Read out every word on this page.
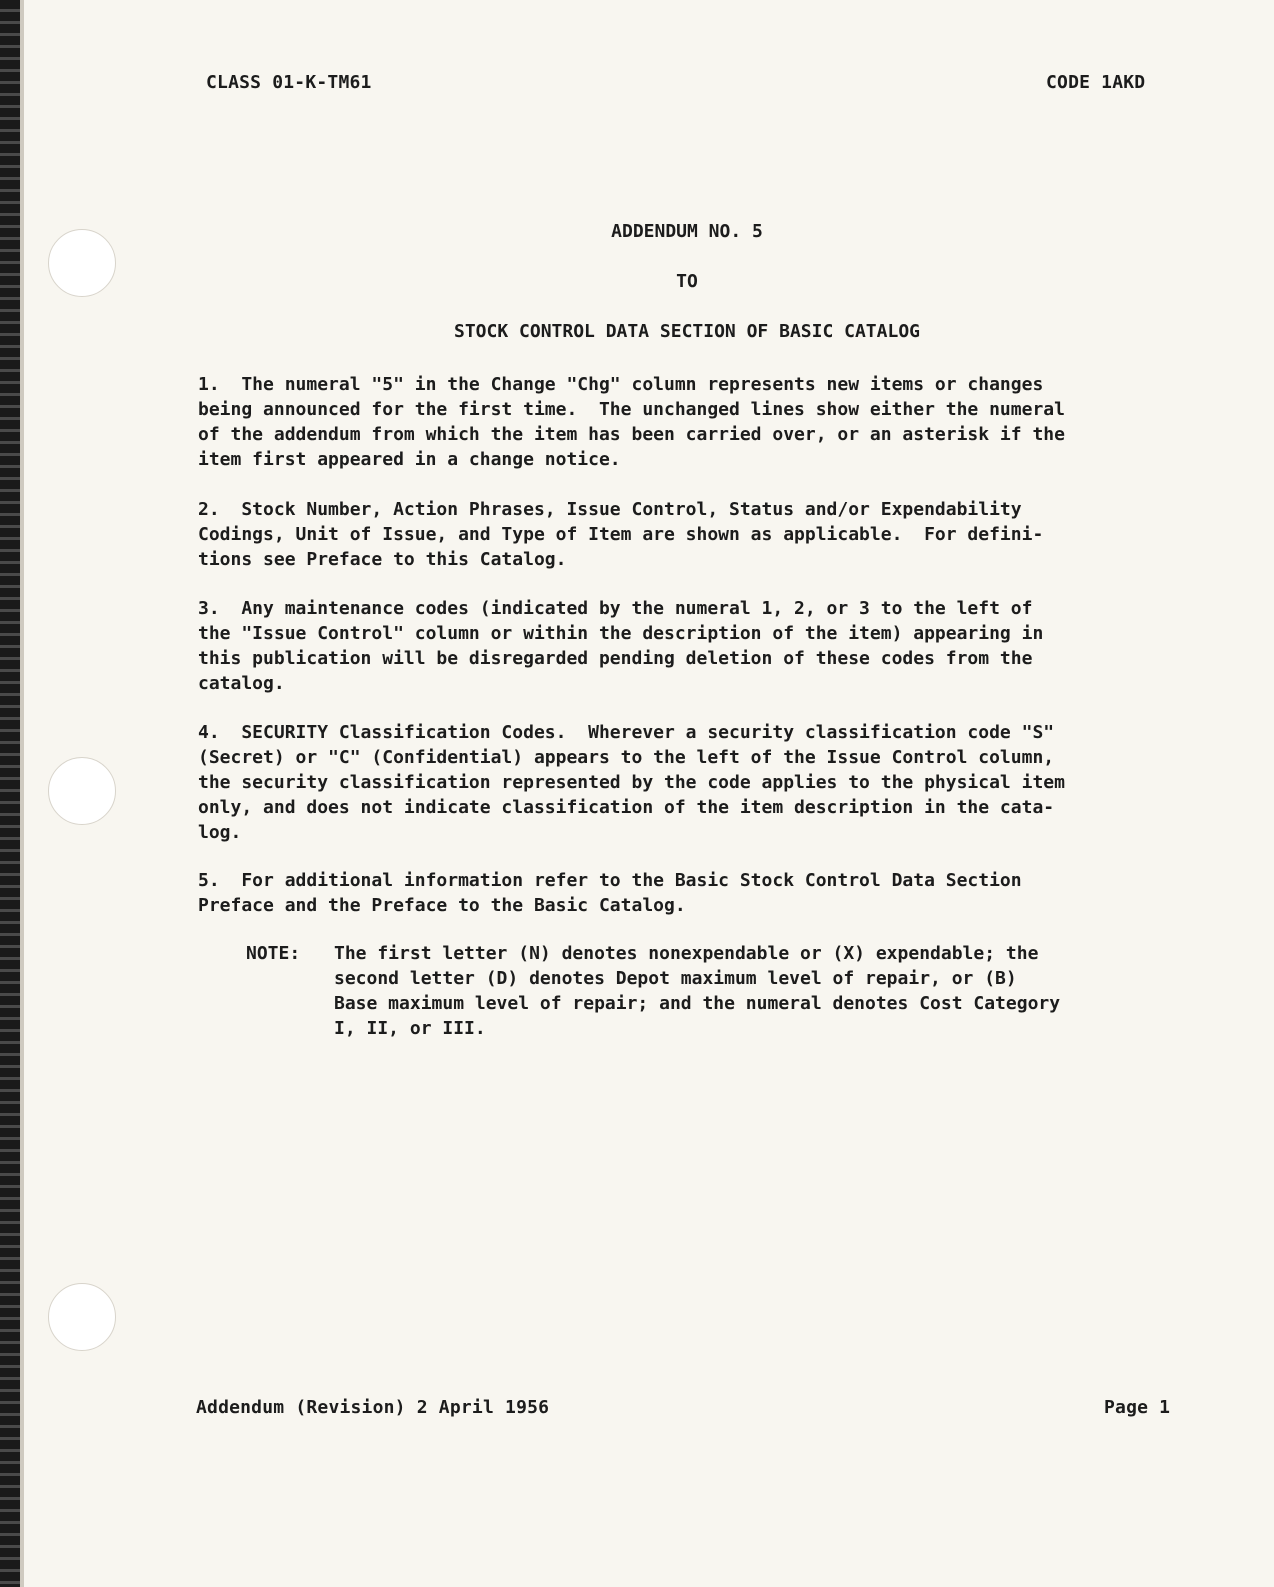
CLASS 01-K-TM61	CODE 1AKD
ADDENDUM NO. 5
TO
STOCK CONTROL DATA SECTION OF BASIC CATALOG
1.  The numeral "5" in the Change "Chg" column represents new items or changes
being announced for the first time.  The unchanged lines show either the numeral
of the addendum from which the item has been carried over, or an asterisk if the
item first appeared in a change notice.
2.  Stock Number, Action Phrases, Issue Control, Status and/or Expendability
Codings, Unit of Issue, and Type of Item are shown as applicable.  For defini-
tions see Preface to this Catalog.
3.  Any maintenance codes (indicated by the numeral 1, 2, or 3 to the left of
the "Issue Control" column or within the description of the item) appearing in
this publication will be disregarded pending deletion of these codes from the
catalog.
4.  SECURITY Classification Codes.  Wherever a security classification code "S"
(Secret) or "C" (Confidential) appears to the left of the Issue Control column,
the security classification represented by the code applies to the physical item
only, and does not indicate classification of the item description in the cata-
log.
5.  For additional information refer to the Basic Stock Control Data Section
Preface and the Preface to the Basic Catalog.
NOTE: The first letter (N) denotes nonexpendable or (X) expendable; the
second letter (D) denotes Depot maximum level of repair, or (B)
Base maximum level of repair; and the numeral denotes Cost Category
I, II, or III.
Addendum (Revision) 2 April 1956	Page 1
